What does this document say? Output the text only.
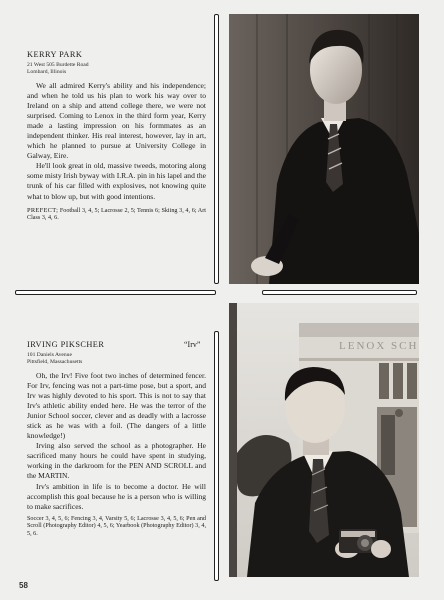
KERRY PARK
21 West 505 Burdette Road
Lombard, Illinois

We all admired Kerry's ability and his independence; and when he told us his plan to work his way over to Ireland on a ship and attend college there, we were not surprised. Coming to Lenox in the third form year, Kerry made a lasting impression on his formmates as an independent thinker. His real interest, however, lay in art, which he planned to pursue at University College in Galway, Eire.

He'll look great in old, massive tweeds, motoring along some misty Irish byway with I.R.A. pin in his lapel and the trunk of his car filled with explosives, not knowing quite what to blow up, but with good intentions.

PREFECT; Football 3, 4, 5; Lacrosse 2, 5; Tennis 6; Skiing 3, 4, 6; Art Class 3, 4, 6.

IRVING PIKSCHER	“Irv”
101 Daniels Avenue
Pittsfield, Massachusetts

Oh, the Irv! Five foot two inches of determined fencer. For Irv, fencing was not a part-time pose, but a sport, and Irv was highly devoted to his sport. This is not to say that Irv's athletic ability ended here. He was the terror of the Junior School soccer, clever and as deadly with a lacrosse stick as he was with a foil. (The dangers of a little knowledge!)

Irving also served the school as a photographer. He sacrificed many hours he could have spent in studying, working in the darkroom for the PEN AND SCROLL and the MARTIN.

Irv's ambition in life is to become a doctor. He will accomplish this goal because he is a person who is willing to make sacrifices.

Soccer 3, 4, 5, 6; Fencing 3, 4, Varsity 5, 6; Lacrosse 3, 4, 5, 6; Pen and Scroll (Photography Editor) 4, 5, 6; Yearbook (Photography Editor) 3, 4, 5, 6.

LENOX SCH
58
